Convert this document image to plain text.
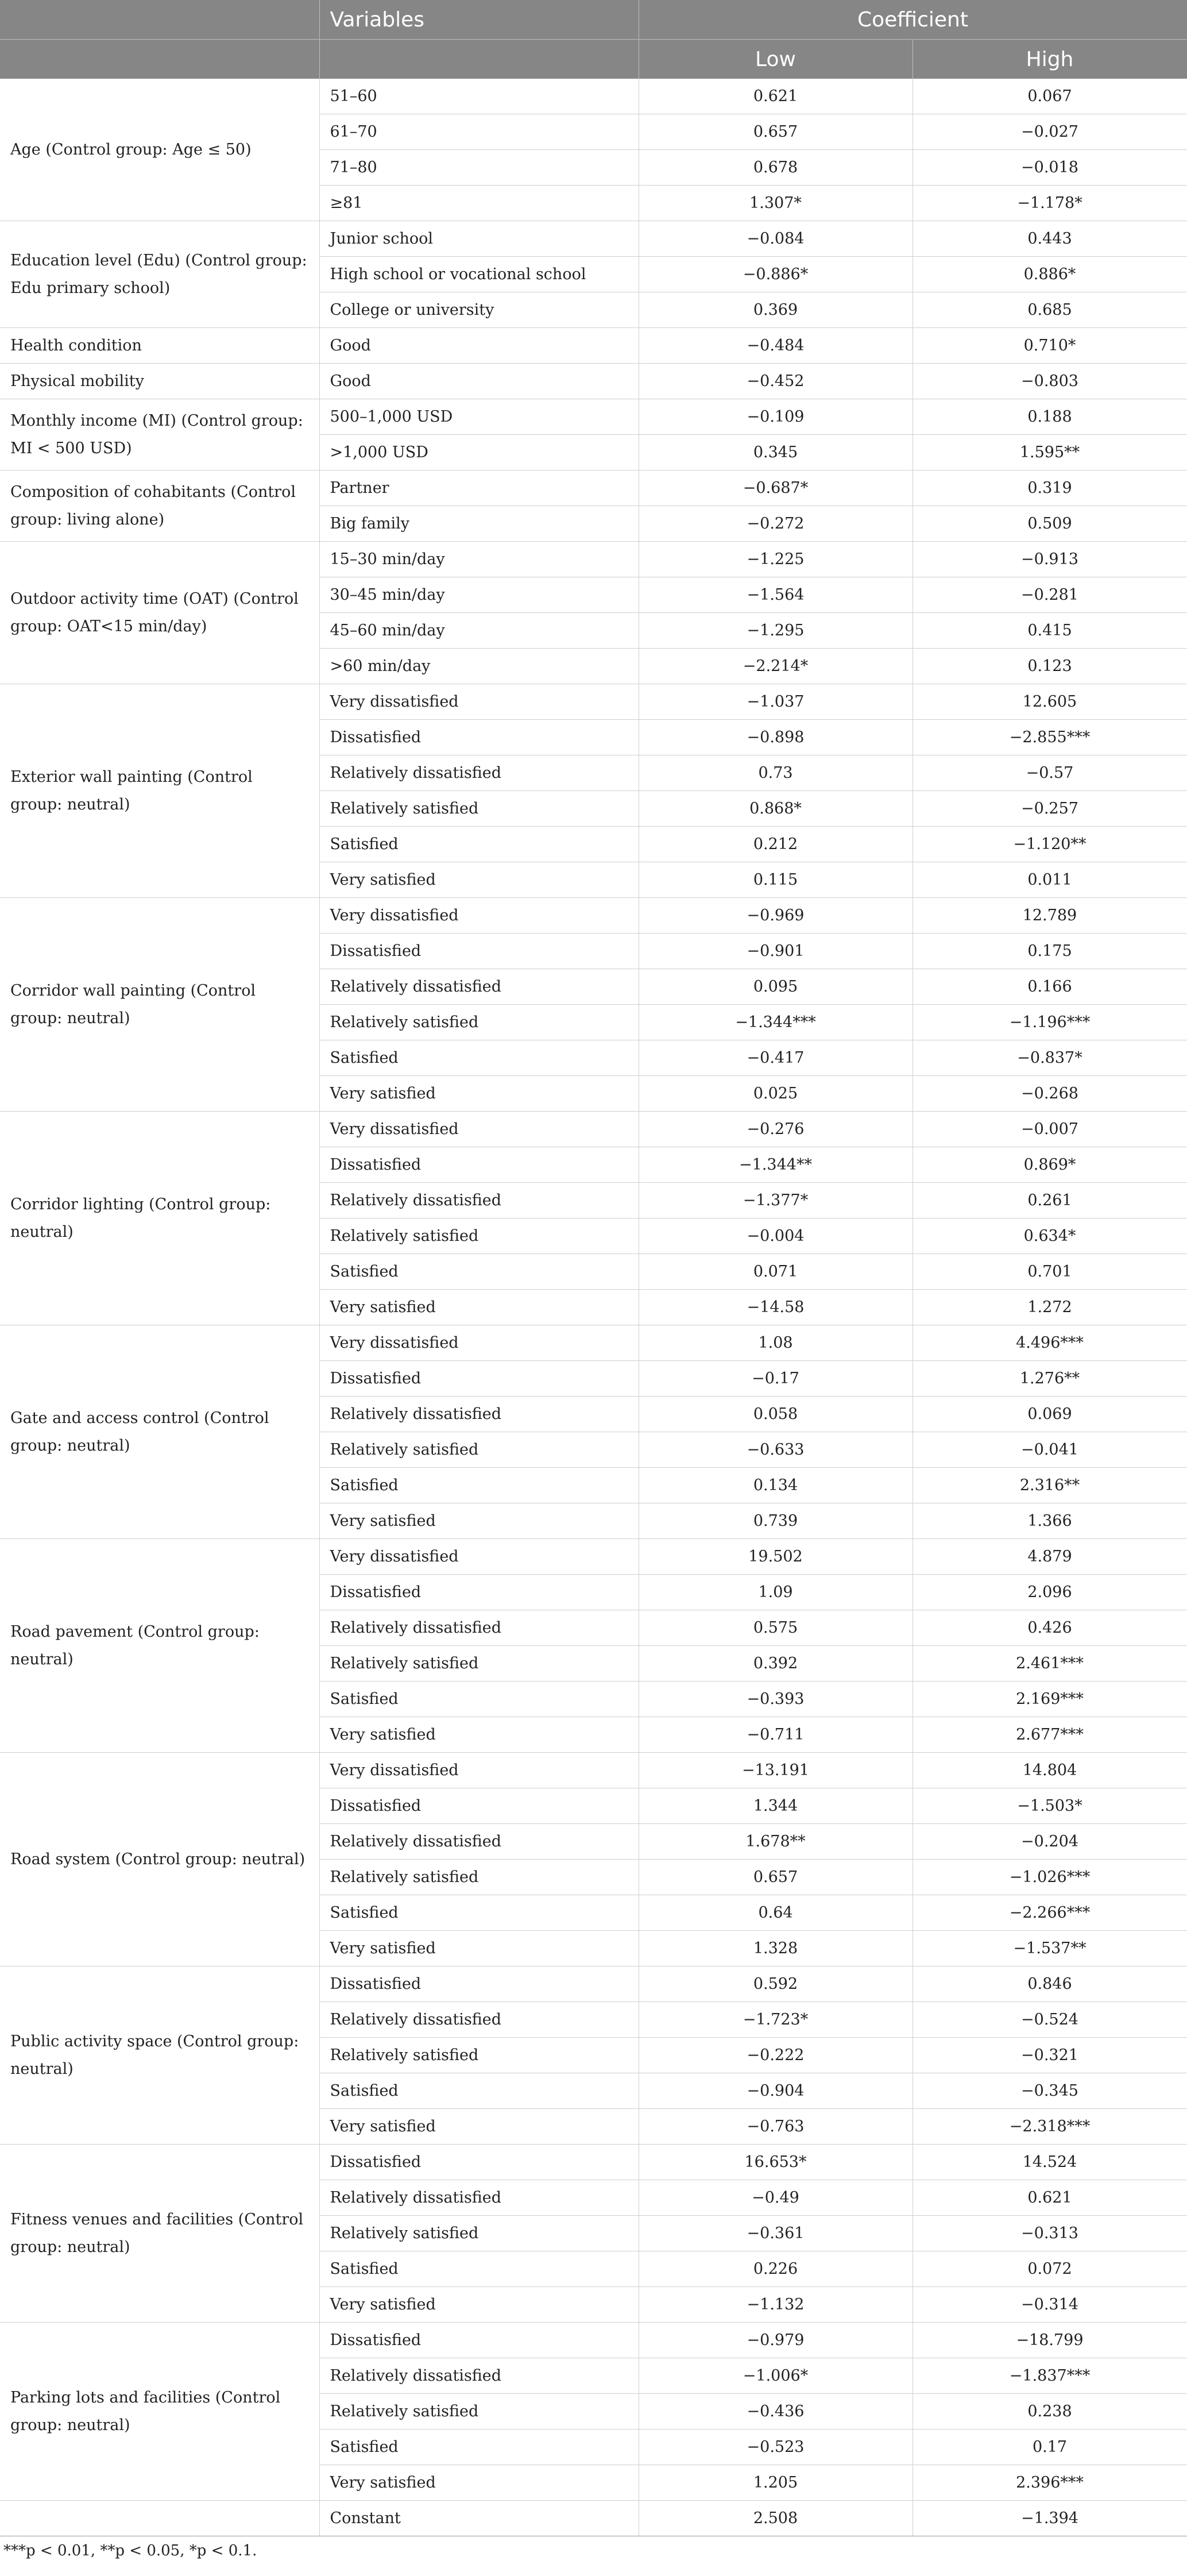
	Variables	Coefficient	
		Low	High
Age (Control group: Age ≤ 50)	51–60	0.621	0.067
	61–70	0.657	−0.027
	71–80	0.678	−0.018
	≥81	1.307*	−1.178*
Education level (Edu) (Control group: Edu primary school)	Junior school	−0.084	0.443
	High school or vocational school	−0.886*	0.886*
	College or university	0.369	0.685
Health condition	Good	−0.484	0.710*
Physical mobility	Good	−0.452	−0.803
Monthly income (MI) (Control group: MI < 500 USD)	500–1,000 USD	−0.109	0.188
	>1,000 USD	0.345	1.595**
Composition of cohabitants (Control group: living alone)	Partner	−0.687*	0.319
	Big family	−0.272	0.509
Outdoor activity time (OAT) (Control group: OAT<15 min/day)	15–30 min/day	−1.225	−0.913
	30–45 min/day	−1.564	−0.281
	45–60 min/day	−1.295	0.415
	>60 min/day	−2.214*	0.123
Exterior wall painting (Control group: neutral)	Very dissatisfied	−1.037	12.605
	Dissatisfied	−0.898	−2.855***
	Relatively dissatisfied	0.73	−0.57
	Relatively satisfied	0.868*	−0.257
	Satisfied	0.212	−1.120**
	Very satisfied	0.115	0.011
Corridor wall painting (Control group: neutral)	Very dissatisfied	−0.969	12.789
	Dissatisfied	−0.901	0.175
	Relatively dissatisfied	0.095	0.166
	Relatively satisfied	−1.344***	−1.196***
	Satisfied	−0.417	−0.837*
	Very satisfied	0.025	−0.268
Corridor lighting (Control group: neutral)	Very dissatisfied	−0.276	−0.007
	Dissatisfied	−1.344**	0.869*
	Relatively dissatisfied	−1.377*	0.261
	Relatively satisfied	−0.004	0.634*
	Satisfied	0.071	0.701
	Very satisfied	−14.58	1.272
Gate and access control (Control group: neutral)	Very dissatisfied	1.08	4.496***
	Dissatisfied	−0.17	1.276**
	Relatively dissatisfied	0.058	0.069
	Relatively satisfied	−0.633	−0.041
	Satisfied	0.134	2.316**
	Very satisfied	0.739	1.366
Road pavement (Control group: neutral)	Very dissatisfied	19.502	4.879
	Dissatisfied	1.09	2.096
	Relatively dissatisfied	0.575	0.426
	Relatively satisfied	0.392	2.461***
	Satisfied	−0.393	2.169***
	Very satisfied	−0.711	2.677***
Road system (Control group: neutral)	Very dissatisfied	−13.191	14.804
	Dissatisfied	1.344	−1.503*
	Relatively dissatisfied	1.678**	−0.204
	Relatively satisfied	0.657	−1.026***
	Satisfied	0.64	−2.266***
	Very satisfied	1.328	−1.537**
Public activity space (Control group: neutral)	Dissatisfied	0.592	0.846
	Relatively dissatisfied	−1.723*	−0.524
	Relatively satisfied	−0.222	−0.321
	Satisfied	−0.904	−0.345
	Very satisfied	−0.763	−2.318***
Fitness venues and facilities (Control group: neutral)	Dissatisfied	16.653*	14.524
	Relatively dissatisfied	−0.49	0.621
	Relatively satisfied	−0.361	−0.313
	Satisfied	0.226	0.072
	Very satisfied	−1.132	−0.314
Parking lots and facilities (Control group: neutral)	Dissatisfied	−0.979	−18.799
	Relatively dissatisfied	−1.006*	−1.837***
	Relatively satisfied	−0.436	0.238
	Satisfied	−0.523	0.17
	Very satisfied	1.205	2.396***
	Constant	2.508	−1.394
***p < 0.01, **p < 0.05, *p < 0.1.
